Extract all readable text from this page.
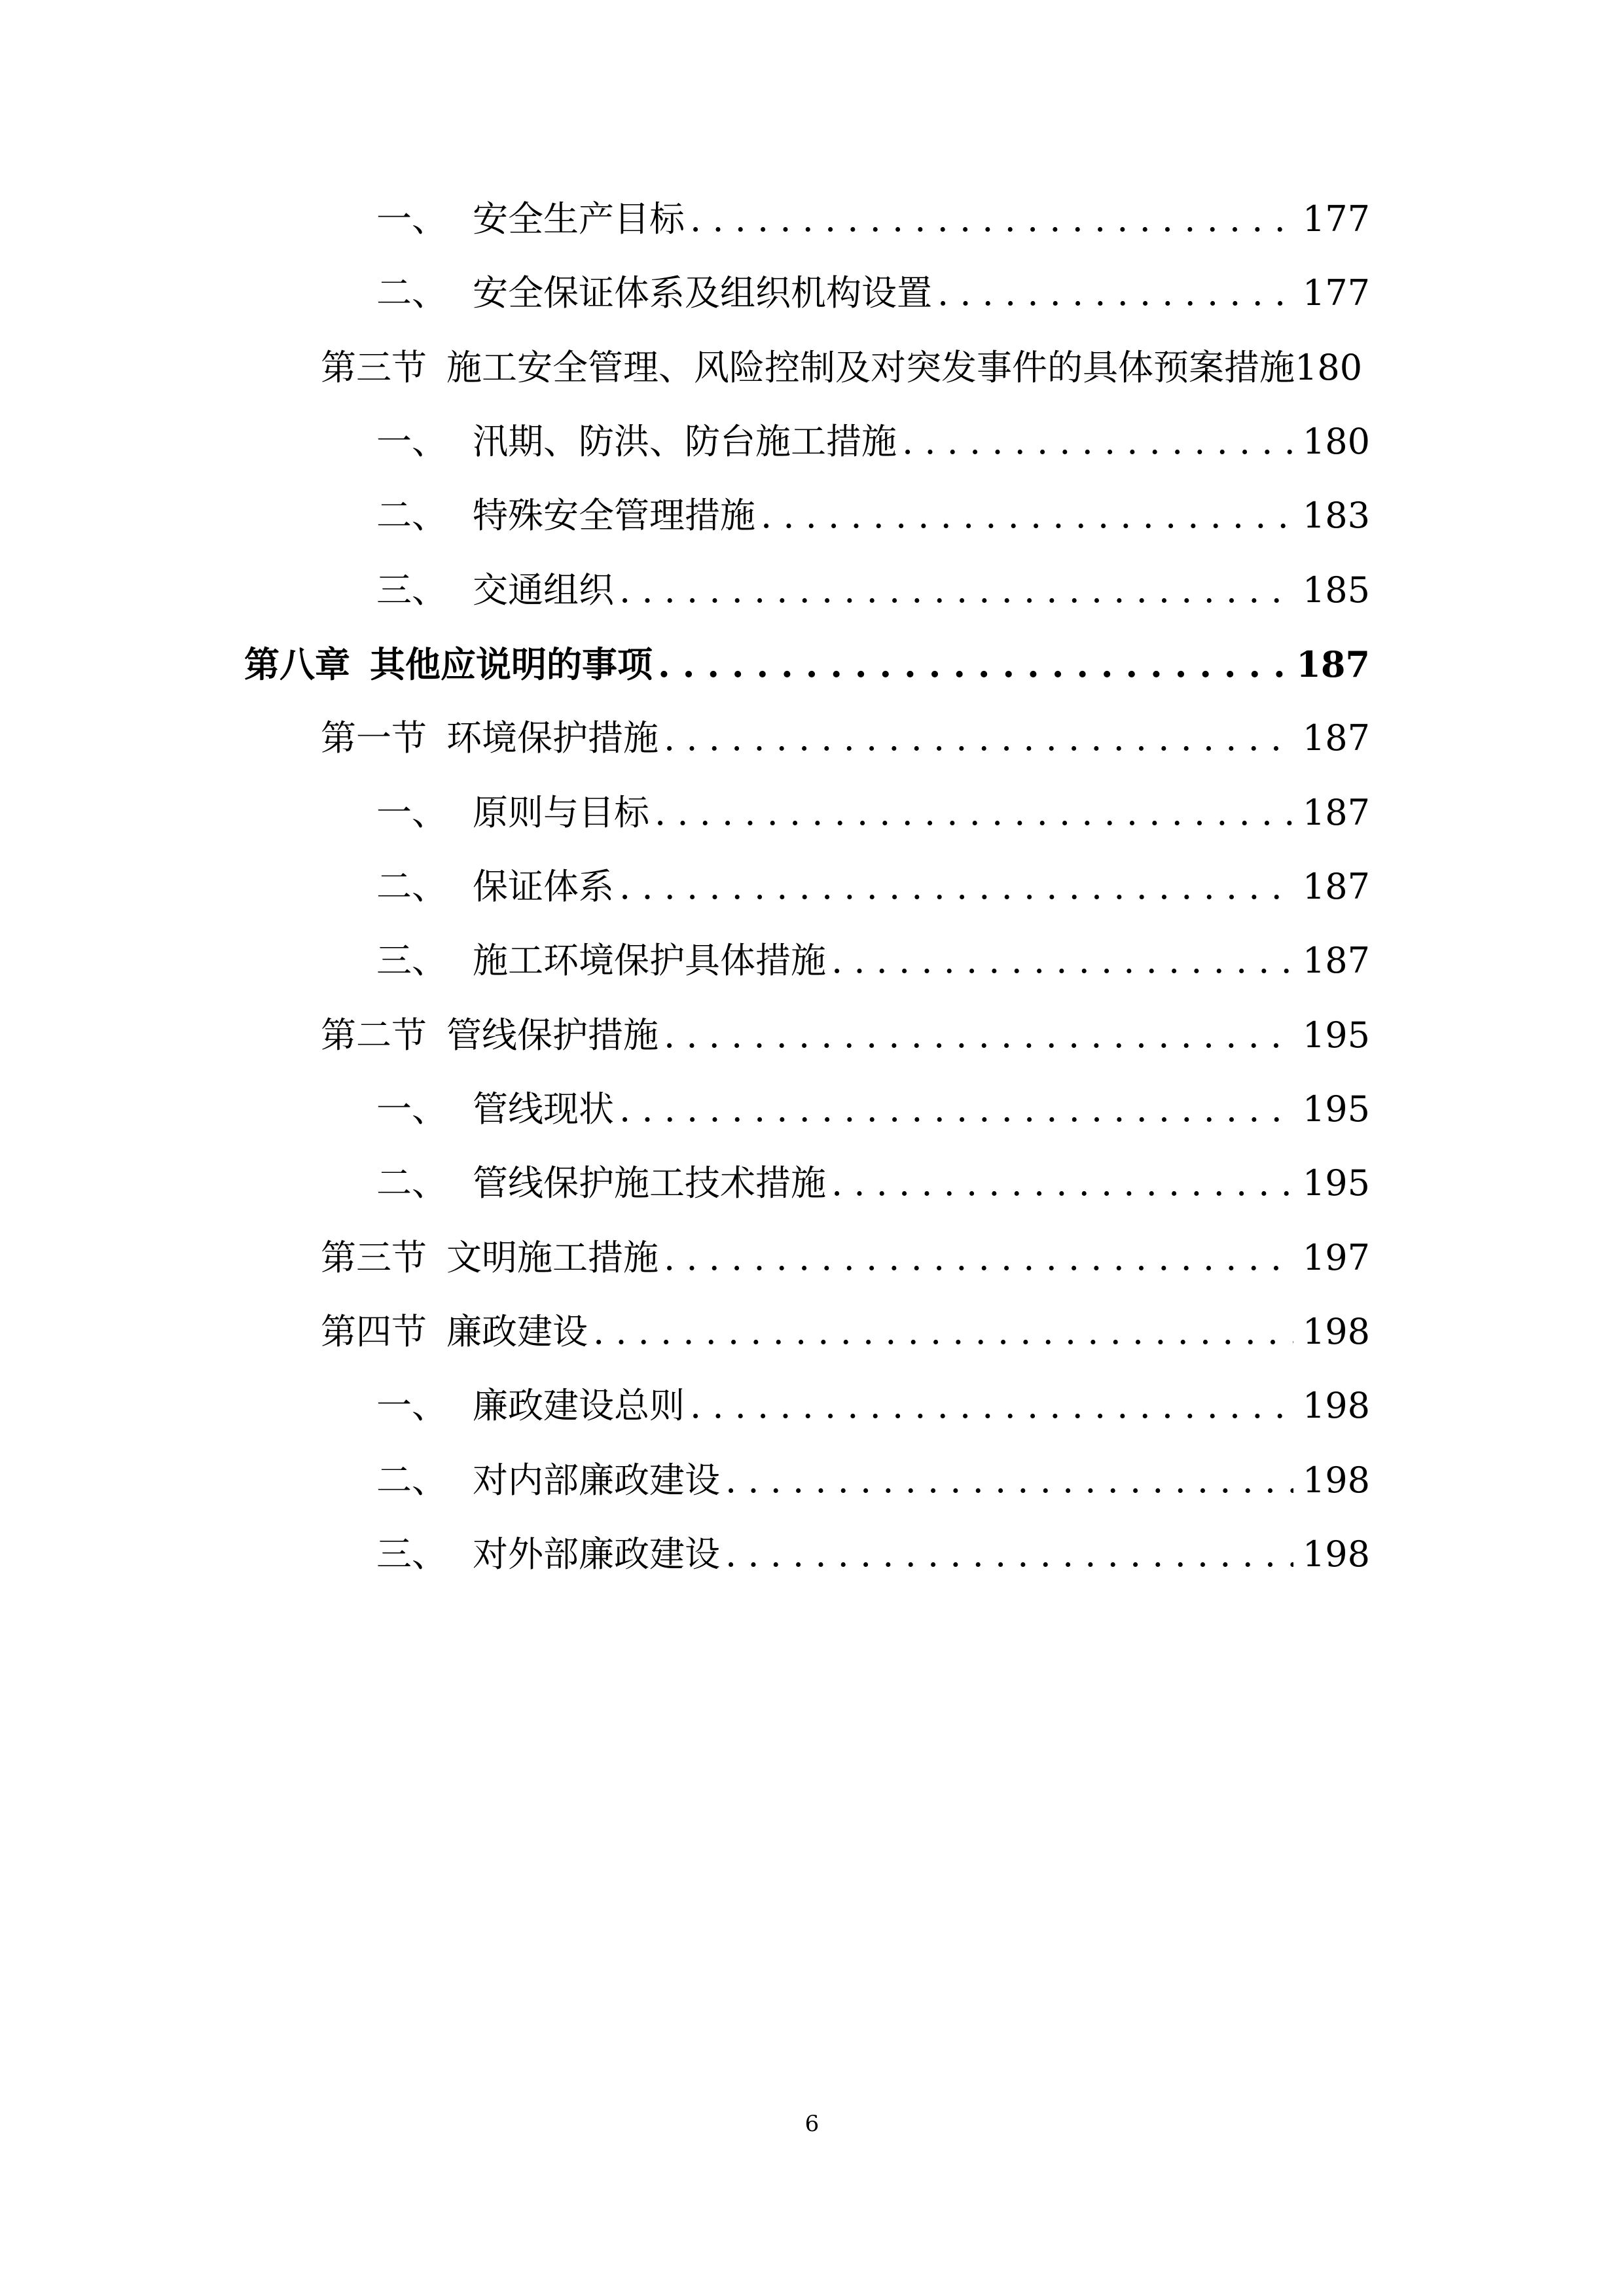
一、 安全生产目标 . . .	177
二、 安全保证体系及组织机构设置 . . .	177
第三节 施工安全管理、风险控制及对突发事件的具体预案措施 180
一、 汛期、防洪、防台施工措施 . . .	180
二、 特殊安全管理措施 . . .	183
三、 交通组织 . . .	185
第八章 其他应说明的事项 . . .	187
第一节 环境保护措施 . . .	187
一、 原则与目标 . . .	187
二、 保证体系 . . .	187
三、 施工环境保护具体措施 . . .	187
第二节 管线保护措施 . . .	195
一、 管线现状 . . .	195
二、 管线保护施工技术措施 . . .	195
第三节 文明施工措施 . . .	197
第四节 廉政建设 . . .	198
一、 廉政建设总则 . . .	198
二、 对内部廉政建设 . . .	198
三、 对外部廉政建设 . . .	198
6
